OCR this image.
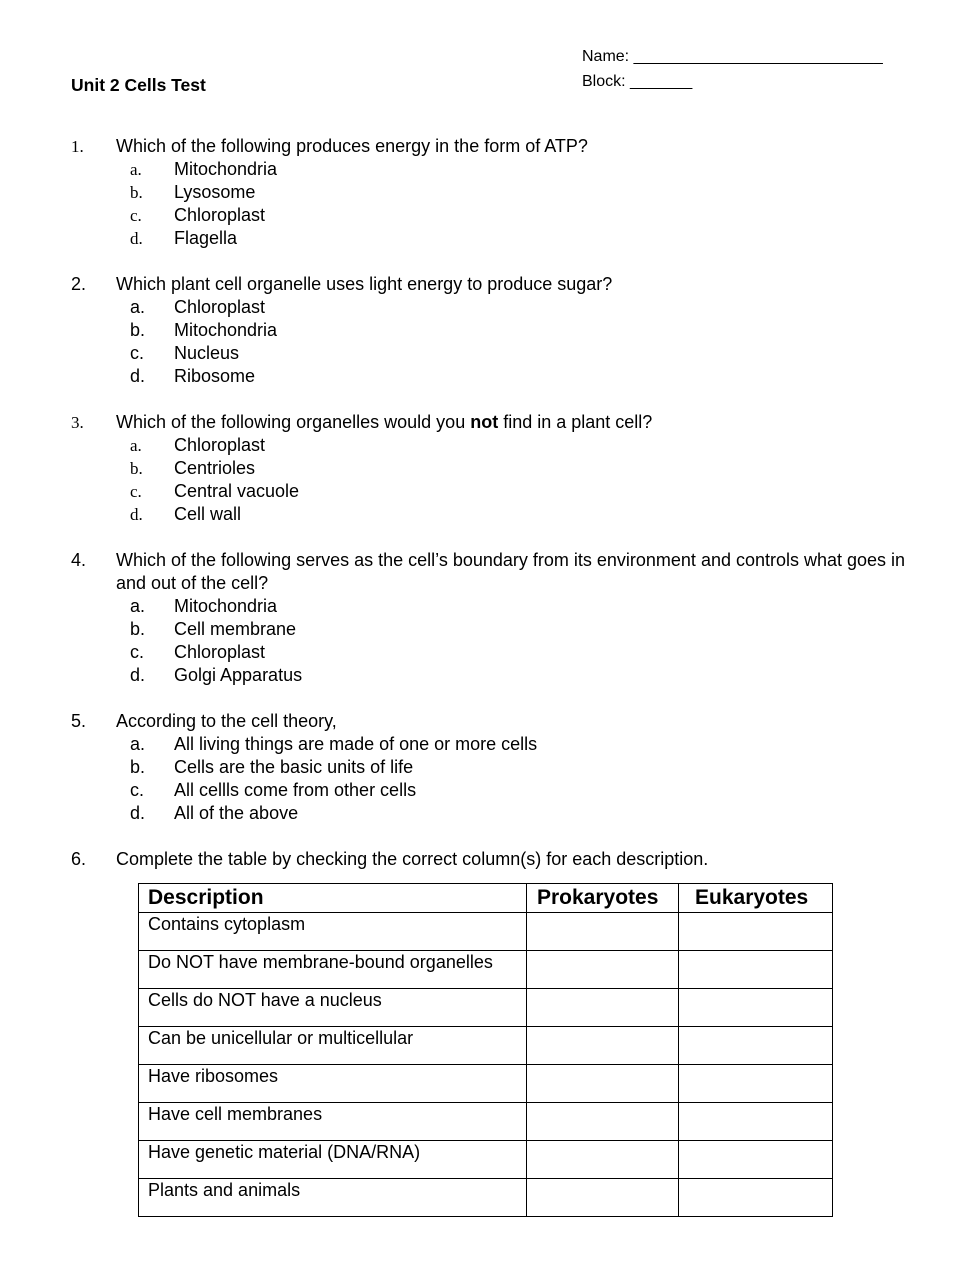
Name: ____________________________
Block: _______
Unit 2 Cells Test
1.	Which of the following produces energy in the form of ATP?
a.	Mitochondria
b.	Lysosome
c.	Chloroplast
d.	Flagella
2.	Which plant cell organelle uses light energy to produce sugar?
a.	Chloroplast
b.	Mitochondria
c.	Nucleus
d.	Ribosome
3.	Which of the following organelles would you not find in a plant cell?
a.	Chloroplast
b.	Centrioles
c.	Central vacuole
d.	Cell wall
4.	Which of the following serves as the cell’s boundary from its environment and controls what goes in and out of the cell?
a.	Mitochondria
b.	Cell membrane
c.	Chloroplast
d.	Golgi Apparatus
5.	According to the cell theory,
a.	All living things are made of one or more cells
b.	Cells are the basic units of life
c.	All cellls come from other cells
d.	All of the above
6.	Complete the table by checking the correct column(s) for each description.
Description	Prokaryotes	Eukaryotes
Contains cytoplasm		
Do NOT have membrane-bound organelles		
Cells do NOT have a nucleus		
Can be unicellular or multicellular		
Have ribosomes		
Have cell membranes		
Have genetic material (DNA/RNA)		
Plants and animals		
